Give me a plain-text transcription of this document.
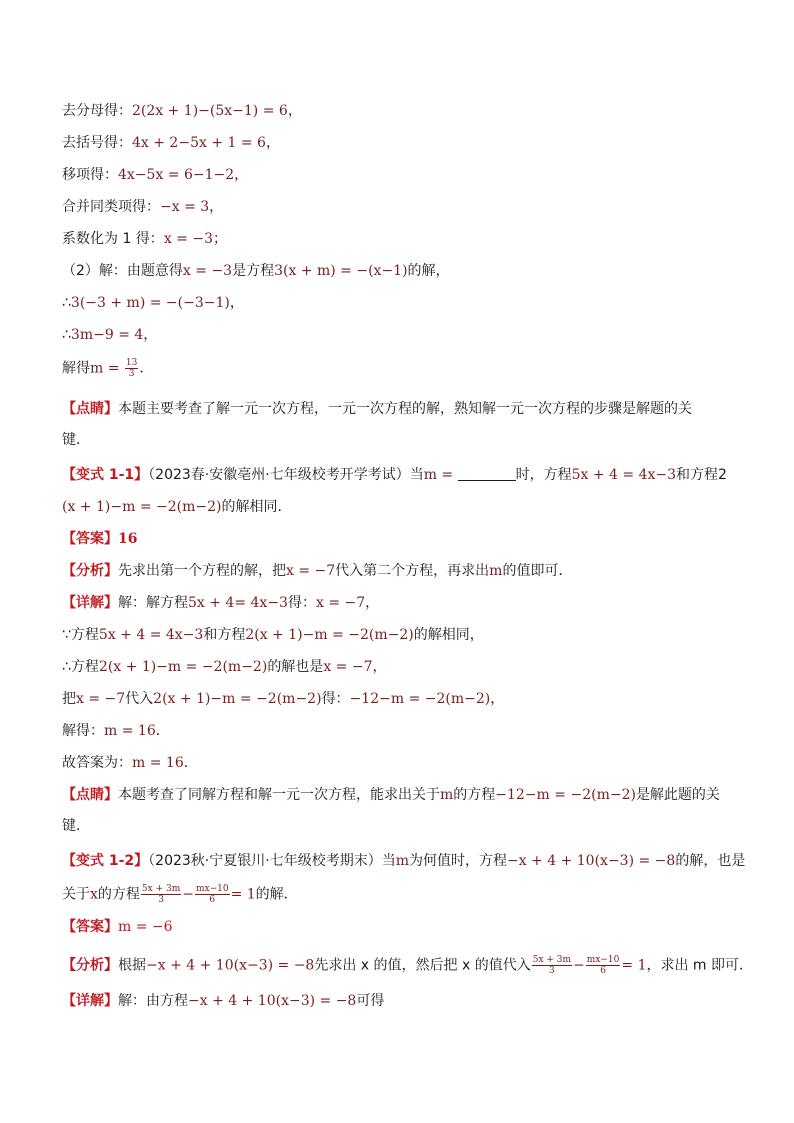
去分母得：2(2x + 1)−(5x−1) = 6，
去括号得：4x + 2−5x + 1 = 6，
移项得：4x−5x = 6−1−2，
合并同类项得：−x = 3，
系数化为 1 得：x = −3；
（2）解：由题意得x = −3是方程3(x + m) = −(x−1)的解，
∴3(−3 + m) = −(−3−1)，
∴3m−9 = 4，
解得$m = \frac{13}{3}$ ．
【点睛】本题主要考查了解一元一次方程，一元一次方程的解，熟知解一元一次方程的步骤是解题的关
键．
【变式 1-1】（2023春·安徽亳州·七年级校考开学考试）当m =	时，方程5x + 4 = 4x−3和方程2
(x + 1)−m = −2(m−2)的解相同．
【答案】16
【分析】先求出第一个方程的解，把x = −7代入第二个方程，再求出m的值即可．
【详解】解：解方程5x + 4= 4x−3得：x = −7，
∵方程5x + 4 = 4x−3和方程2(x + 1)−m = −2(m−2)的解相同，
∴方程2(x + 1)−m = −2(m−2)的解也是x = −7，
把x = −7代入2(x + 1)−m = −2(m−2)得：−12−m = −2(m−2)，
解得：m = 16．
故答案为：m = 16．
【点睛】本题考查了同解方程和解一元一次方程，能求出关于m的方程−12−m = −2(m−2)是解此题的关
键．
【变式 1-2】（2023秋·宁夏银川·七年级校考期末）当m为何值时，方程−x + 4 + 10(x−3) = −8的解，也是
关于x的方程 $\frac{5x + 3m}{3} - \frac{mx-10}{6} = 1$的解．
【答案】m = −6
【分析】根据−x + 4 + 10(x−3) = −8先求出 x 的值，然后把 x 的值代入 $\frac{5x + 3m}{3} - \frac{mx-10}{6} = 1$，求出 m 即可．
【详解】解：由方程−x + 4 + 10(x−3) = −8可得
